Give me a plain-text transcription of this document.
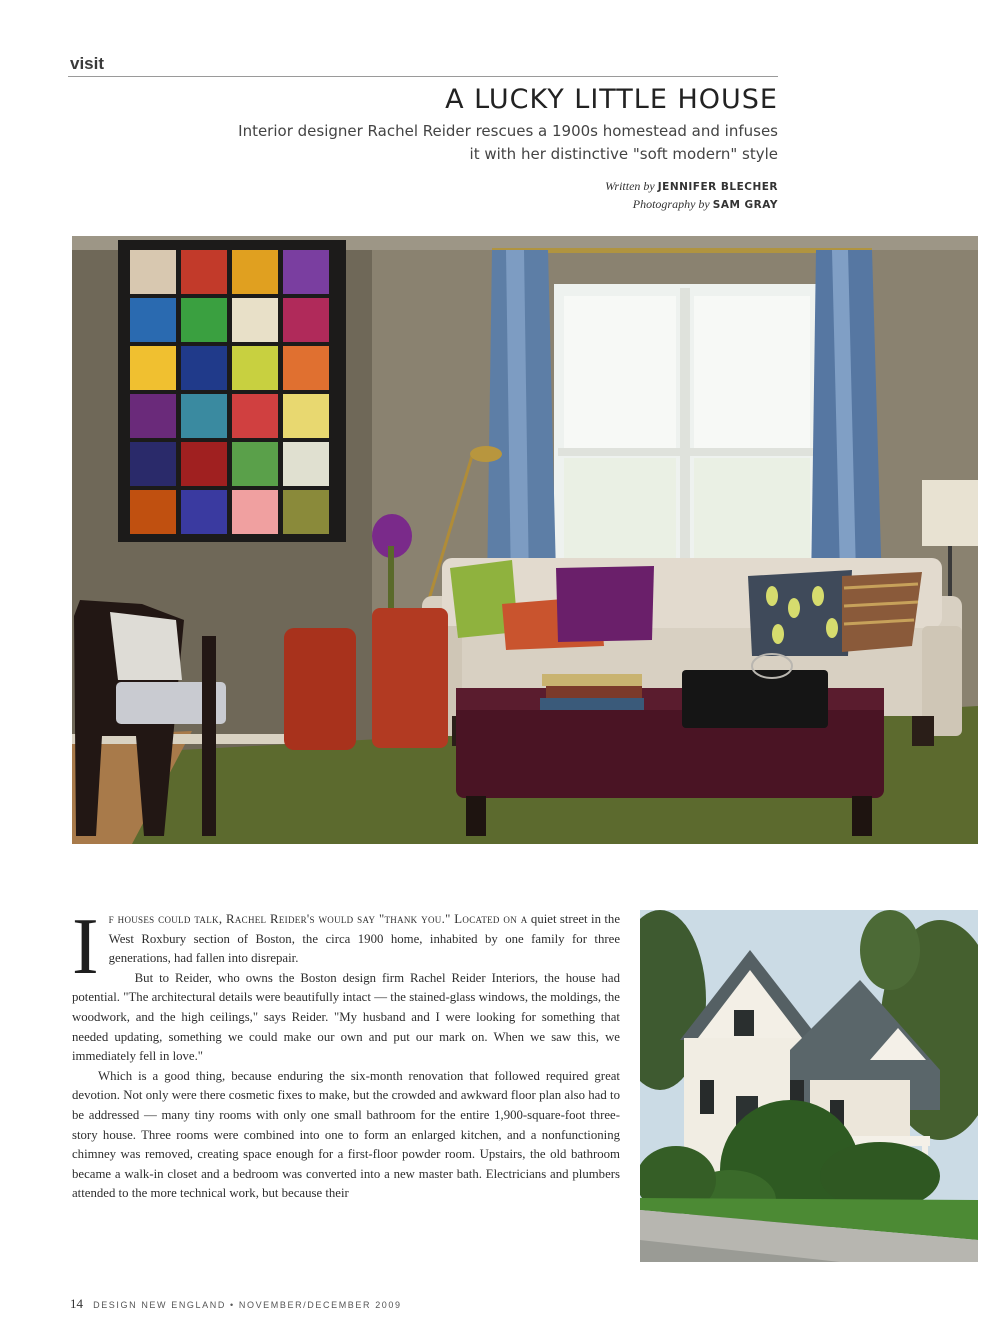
visit
A LUCKY LITTLE HOUSE
Interior designer Rachel Reider rescues a 1900s homestead and infuses it with her distinctive "soft modern" style
Written by JENNIFER BLECHER
Photography by SAM GRAY

I f houses could talk, Rachel Reider's would say "thank you." Located on a quiet street in the West Roxbury section of Boston, the circa 1900 home, inhabited by one family for three generations, had fallen into disrepair.

But to Reider, who owns the Boston design firm Rachel Reider Interiors, the house had potential. "The architectural details were beautifully intact — the stained-glass windows, the moldings, the woodwork, and the high ceilings," says Reider. "My husband and I were looking for something that needed updating, something we could make our own and put our mark on. When we saw this, we immediately fell in love."

Which is a good thing, because enduring the six-month renovation that followed required great devotion. Not only were there cosmetic fixes to make, but the crowded and awkward floor plan also had to be addressed — many tiny rooms with only one small bathroom for the entire 1,900-square-foot three-story house. Three rooms were combined into one to form an enlarged kitchen, and a nonfunctioning chimney was removed, creating space enough for a first-floor powder room. Upstairs, the old bathroom became a walk-in closet and a bedroom was converted into a new master bath. Electricians and plumbers attended to the more technical work, but because their

14 DESIGN NEW ENGLAND • NOVEMBER/DECEMBER 2009
